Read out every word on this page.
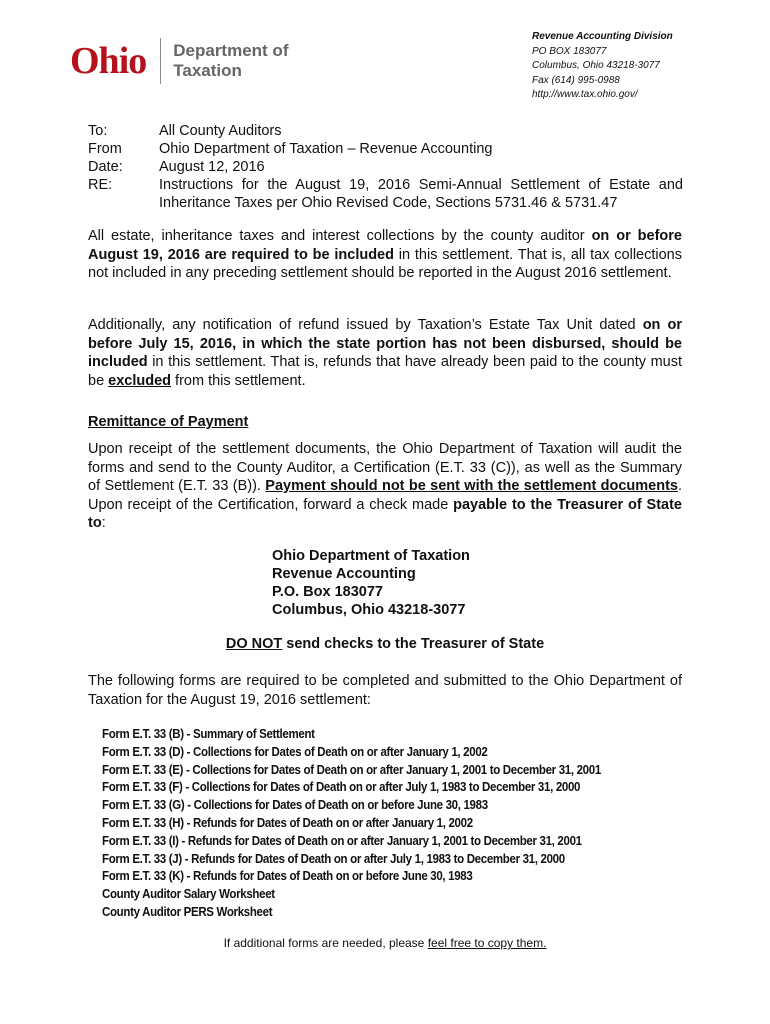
Ohio Department of
Taxation
Revenue Accounting Division
PO BOX 183077
Columbus, Ohio 43218-3077
Fax (614) 995-0988
http://www.tax.ohio.gov/
To:	All County Auditors
From	Ohio Department of Taxation – Revenue Accounting
Date:	August 12, 2016
RE:	Instructions for the August 19, 2016 Semi-Annual Settlement of Estate and Inheritance Taxes per Ohio Revised Code, Sections 5731.46 & 5731.47
All estate, inheritance taxes and interest collections by the county auditor on or before August 19, 2016 are required to be included in this settlement. That is, all tax collections not included in any preceding settlement should be reported in the August 2016 settlement.
Additionally, any notification of refund issued by Taxation’s Estate Tax Unit dated on or before July 15, 2016, in which the state portion has not been disbursed, should be included in this settlement. That is, refunds that have already been paid to the county must be excluded from this settlement.
Remittance of Payment
Upon receipt of the settlement documents, the Ohio Department of Taxation will audit the forms and send to the County Auditor, a Certification (E.T. 33 (C)), as well as the Summary of Settlement (E.T. 33 (B)). Payment should not be sent with the settlement documents. Upon receipt of the Certification, forward a check made payable to the Treasurer of State to:
Ohio Department of Taxation
Revenue Accounting
P.O. Box 183077
Columbus, Ohio 43218-3077
DO NOT send checks to the Treasurer of State
The following forms are required to be completed and submitted to the Ohio Department of Taxation for the August 19, 2016 settlement:
Form E.T. 33 (B) - Summary of Settlement
Form E.T. 33 (D) - Collections for Dates of Death on or after January 1, 2002
Form E.T. 33 (E) - Collections for Dates of Death on or after January 1, 2001 to December 31, 2001
Form E.T. 33 (F) - Collections for Dates of Death on or after July 1, 1983 to December 31, 2000
Form E.T. 33 (G) - Collections for Dates of Death on or before June 30, 1983
Form E.T. 33 (H) - Refunds for Dates of Death on or after January 1, 2002
Form E.T. 33 (I) - Refunds for Dates of Death on or after January 1, 2001 to December 31, 2001
Form E.T. 33 (J) - Refunds for Dates of Death on or after July 1, 1983 to December 31, 2000
Form E.T. 33 (K) - Refunds for Dates of Death on or before June 30, 1983
County Auditor Salary Worksheet
County Auditor PERS Worksheet
If additional forms are needed, please feel free to copy them.
